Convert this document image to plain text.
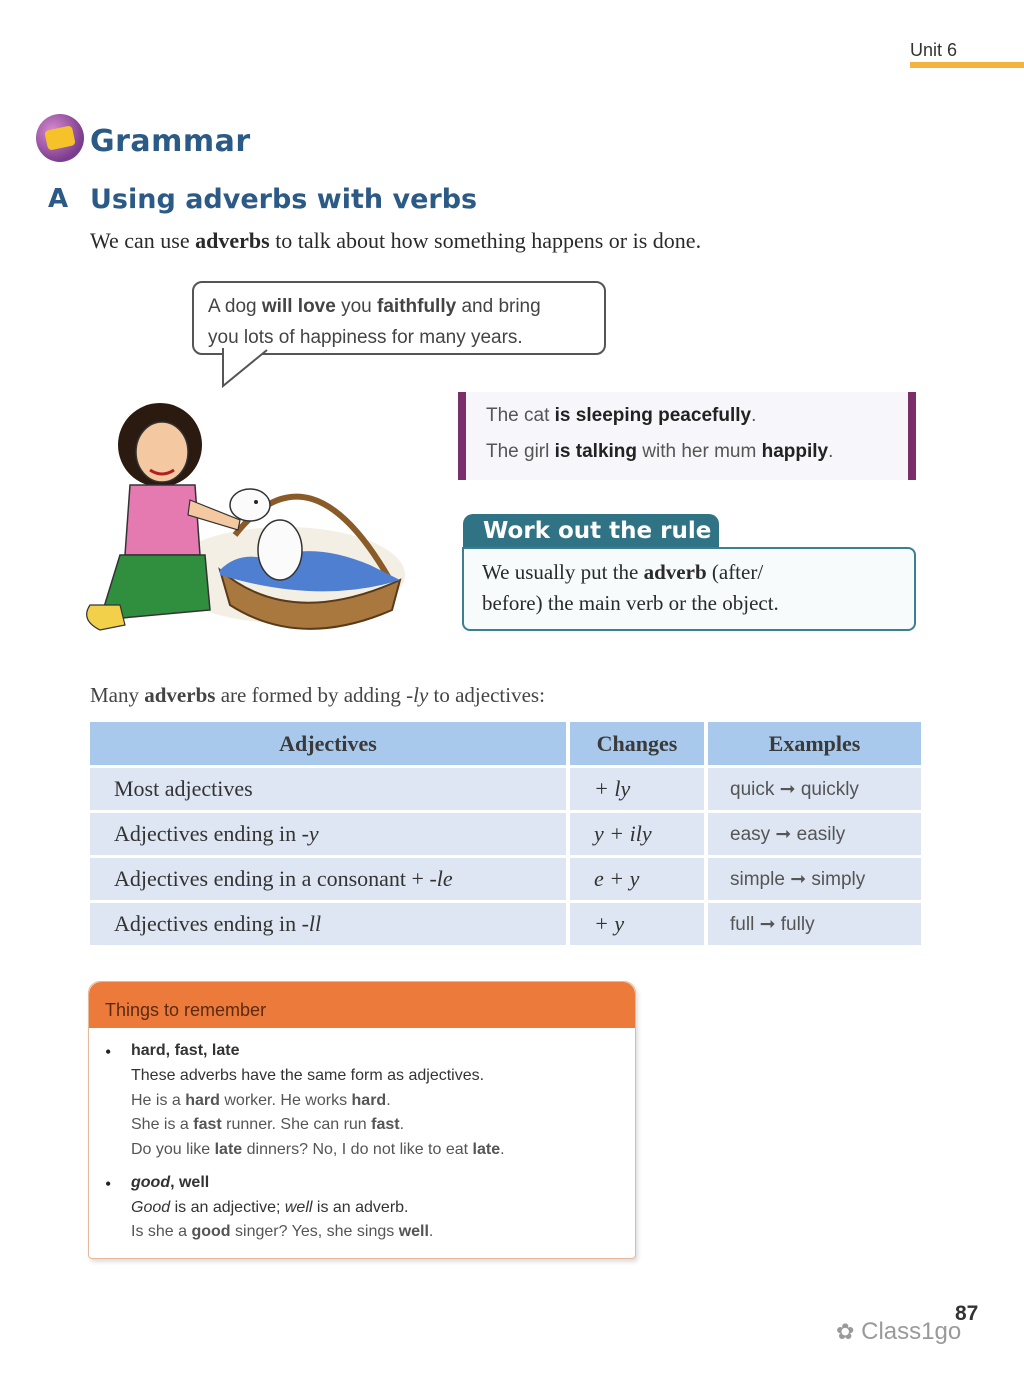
Unit 6
Grammar
A Using adverbs with verbs
We can use adverbs to talk about how something happens or is done.
A dog will love you faithfully and bring
you lots of happiness for many years.
The cat is sleeping peacefully.
The girl is talking with her mum happily.
Work out the rule
We usually put the adverb (after/
before) the main verb or the object.
Many adverbs are formed by adding -ly to adjectives:
Adjectives	Changes	Examples
Most adjectives	+ ly	quick ➞ quickly
Adjectives ending in -y	y + ily	easy ➞ easily
Adjectives ending in a consonant + -le	e + y	simple ➞ simply
Adjectives ending in -ll	+ y	full ➞ fully
Things to remember
• hard, fast, late
These adverbs have the same form as adjectives.
He is a hard worker. He works hard.
She is a fast runner. She can run fast.
Do you like late dinners? No, I do not like to eat late.
• good, well
Good is an adjective; well is an adverb.
Is she a good singer? Yes, she sings well.
87
✿ Class1go
